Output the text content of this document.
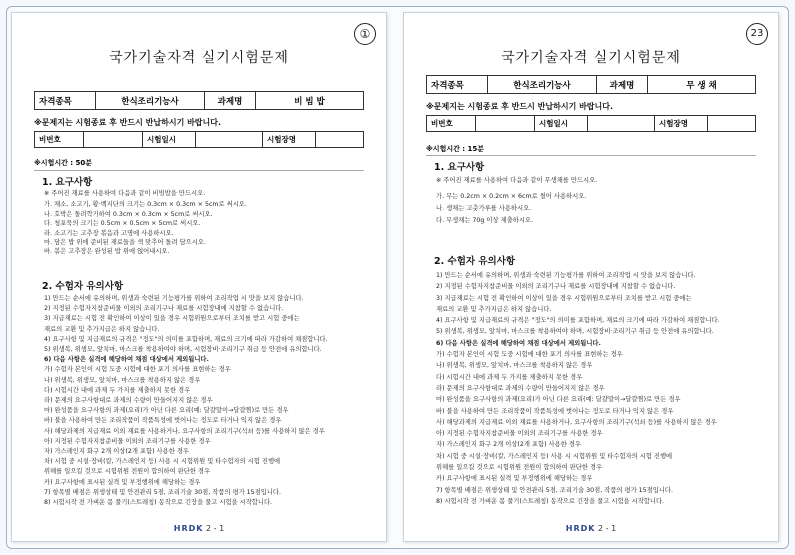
①
국가기술자격 실기시험문제
자격종목	한식조리기능사	과제명	비 빔 밥
※문제지는 시험종료 후 반드시 반납하시기 바랍니다.
비번호		시험일시		시험장명	
※시험시간 : 50분
1. 요구사항
※ 주어진 재료를 사용하여 다음과 같이 비빔밥을 만드시오.
가. 채소, 소고기, 황·백지단의 크기는 0.3cm × 0.3cm × 5cm로 써시오.
나. 호박은 돌려깍기하여 0.3cm × 0.3cm × 5cm로 써시오.
다. 청포묵의 크기는 0.5cm × 0.5cm × 5cm로 써시오.
라. 소고기는 고추장 볶음과 고명에 사용하시오.
마. 담은 밥 위에 준비된 재료들을 색 맞추어 돌려 담으시오.
바. 볶은 고추장은 완성된 밥 위에 얹어내시오.
2. 수험자 유의사항
1) 만드는 순서에 유의하며, 위생과 숙련된 기능평가를 위하여 조리작업 시 맛을 보지 않습니다.
2) 지정된 수험자지참준비물 이외의 조리기구나 재료를 시험장내에 지참할 수 없습니다.
3) 지급재료는 시험 전 확인하여 이상이 있을 경우 시험위원으로부터 조치를 받고 시험 중에는
재료의 교환 및 추가지급은 하지 않습니다.
4) 요구사항 및 지급재료의 규격은 "정도"의 의미를 포함하며, 재료의 크기에 따라 가감하여 채점합니다.
5) 위생복, 위생모, 앞치마, 마스크를 착용하여야 하며, 시험장비·조리기구 취급 등 안전에 유의합니다.
6) 다음 사항은 실격에 해당하여 채점 대상에서 제외됩니다.
가) 수험자 본인이 시험 도중 시험에 대한 포기 의사를 표현하는 경우
나) 위생복, 위생모, 앞치마, 마스크를 착용하지 않은 경우
다) 시험시간 내에 과제 두 가지를 제출하지 못한 경우
라) 문제의 요구사항대로 과제의 수량이 만들어지지 않은 경우
마) 완성품을 요구사항의 과제(요리)가 아닌 다른 요리(예: 달걀말이→달걀찜)로 만든 경우
바) 불을 사용하여 만든 조리작품이 작품특성에 벗어나는 정도로 타거나 익지 않은 경우
사) 해당과제의 지급재료 이외 재료를 사용하거나, 요구사항의 조리기구(석쇠 등)를 사용하지 않은 경우
아) 지정된 수험자지참준비물 이외의 조리기구를 사용한 경우
자) 가스레인지 화구 2개 이상(2개 포함) 사용한 경우
차) 시험 중 시설·장비(칼, 가스레인지 등) 사용 시 시험위원 및 타수험자의 시험 진행에
위해를 일으킬 것으로 시험위원 전원이 합의하여 판단한 경우
카) 요구사항에 표시된 실격 및 부정행위에 해당하는 경우
7) 항목별 배점은 위생상태 및 안전관리 5점, 조리기술 30점, 작품의 평가 15점입니다.
8) 시험시작 전 가벼운 몸 풀기(스트레칭) 동작으로 긴장을 풀고 시험을 시작합니다.
HRDK 2 - 1
23
국가기술자격 실기시험문제
자격종목	한식조리기능사	과제명	무 생 채
※문제지는 시험종료 후 반드시 반납하시기 바랍니다.
비번호		시험일시		시험장명	
※시험시간 : 15분
1. 요구사항
※ 주어진 재료를 사용하여 다음과 같이 무생채를 만드시오.
가. 무는 0.2cm × 0.2cm × 6cm로 썰어 사용하시오.
나. 생채는 고춧가루를 사용하시오.
다. 무생채는 70g 이상 제출하시오.
2. 수험자 유의사항
1) 만드는 순서에 유의하며, 위생과 숙련된 기능평가를 위하여 조리작업 시 맛을 보지 않습니다.
2) 지정된 수험자지참준비물 이외의 조리기구나 재료를 시험장내에 지참할 수 없습니다.
3) 지급재료는 시험 전 확인하여 이상이 있을 경우 시험위원으로부터 조치를 받고 시험 중에는
재료의 교환 및 추가지급은 하지 않습니다.
4) 요구사항 및 지급재료의 규격은 "정도"의 의미를 포함하며, 재료의 크기에 따라 가감하여 채점합니다.
5) 위생복, 위생모, 앞치마, 마스크를 착용하여야 하며, 시험장비·조리기구 취급 등 안전에 유의합니다.
6) 다음 사항은 실격에 해당하여 채점 대상에서 제외됩니다.
가) 수험자 본인이 시험 도중 시험에 대한 포기 의사를 표현하는 경우
나) 위생복, 위생모, 앞치마, 마스크를 착용하지 않은 경우
다) 시험시간 내에 과제 두 가지를 제출하지 못한 경우
라) 문제의 요구사항대로 과제의 수량이 만들어지지 않은 경우
마) 완성품을 요구사항의 과제(요리)가 아닌 다른 요리(예: 달걀말이→달걀찜)로 만든 경우
바) 불을 사용하여 만든 조리작품이 작품특성에 벗어나는 정도로 타거나 익지 않은 경우
사) 해당과제의 지급재료 이외 재료를 사용하거나, 요구사항의 조리기구(석쇠 등)를 사용하지 않은 경우
아) 지정된 수험자지참준비물 이외의 조리기구를 사용한 경우
자) 가스레인지 화구 2개 이상(2개 포함) 사용한 경우
차) 시험 중 시설·장비(칼, 가스레인지 등) 사용 시 시험위원 및 타수험자의 시험 진행에
위해를 일으킬 것으로 시험위원 전원이 합의하여 판단한 경우
카) 요구사항에 표시된 실격 및 부정행위에 해당하는 경우
7) 항목별 배점은 위생상태 및 안전관리 5점, 조리기술 30점, 작품의 평가 15점입니다.
8) 시험시작 전 가벼운 몸 풀기(스트레칭) 동작으로 긴장을 풀고 시험을 시작합니다.
HRDK 2 - 1
